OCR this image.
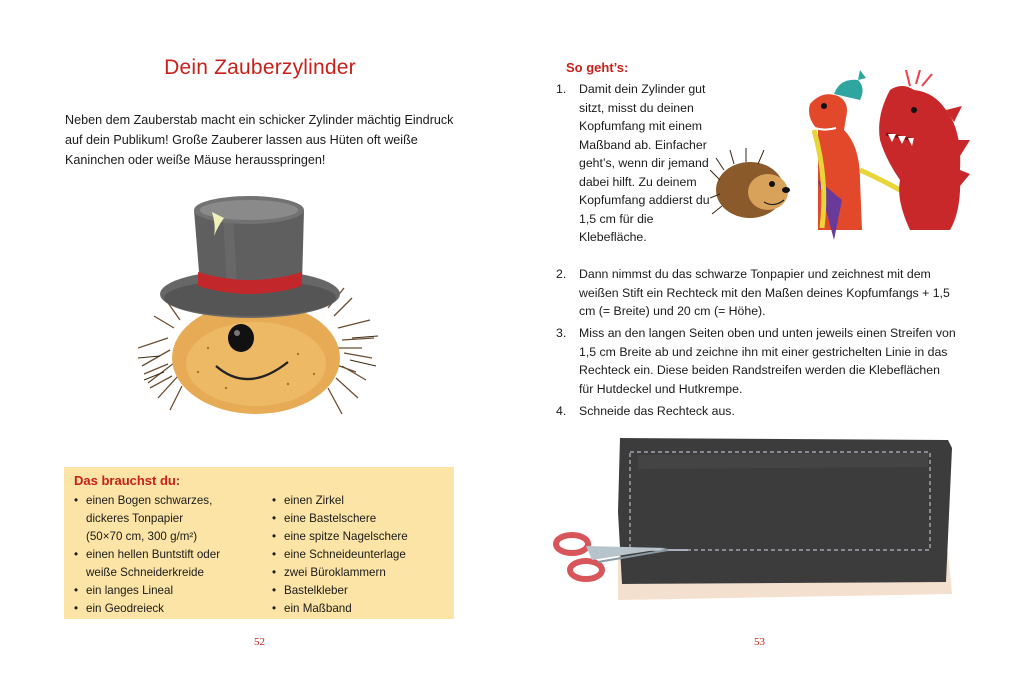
Dein Zauberzylinder

Neben dem Zauberstab macht ein schicker Zylinder mächtig Eindruck auf dein Publikum! Große Zauberer lassen aus Hüten oft weiße Kaninchen oder weiße Mäuse herausspringen!

Das brauchst du:

• einen Bogen schwarzes,
dickeres Tonpapier
(50×70 cm, 300 g/m²)
• einen hellen Buntstift oder
weiße Schneiderkreide
• ein langes Lineal
• ein Geodreieck
• einen Zirkel
• eine Bastelschere
• eine spitze Nagelschere
• eine Schneideunterlage
• zwei Büroklammern
• Bastelkleber
• ein Maßband
52
So geht’s:
1. Damit dein Zylinder gut sitzt, misst du deinen Kopfumfang mit einem Maßband ab. Einfacher geht’s, wenn dir jemand dabei hilft. Zu deinem Kopfumfang addierst du 1,5 cm für die Klebefläche.
2. Dann nimmst du das schwarze Tonpapier und zeichnest mit dem weißen Stift ein Rechteck mit den Maßen deines Kopfumfangs + 1,5 cm (= Breite) und 20 cm (= Höhe).
3. Miss an den langen Seiten oben und unten jeweils einen Streifen von 1,5 cm Breite ab und zeichne ihn mit einer gestrichelten Linie in das Rechteck ein. Diese beiden Randstreifen werden die Klebeflächen für Hutdeckel und Hutkrempe.
4. Schneide das Rechteck aus.
53
